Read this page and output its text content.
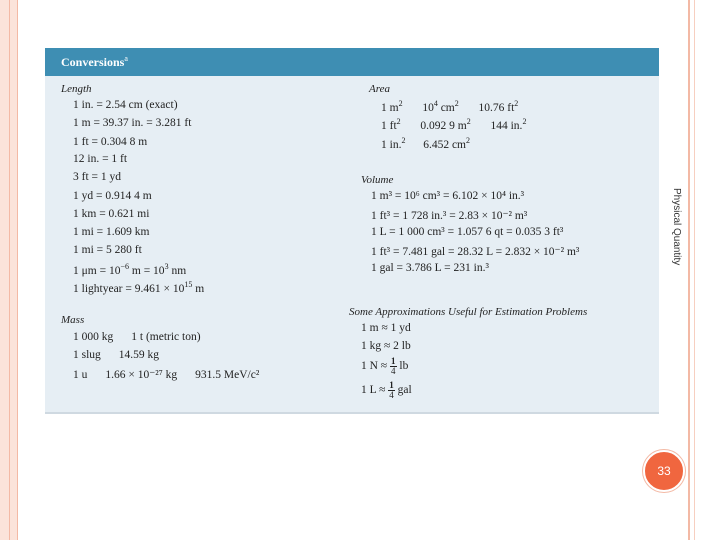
Conversions$^a$
Length
1 in. = 2.54 cm (exact)
1 m = 39.37 in. = 3.281 ft
1 ft = 0.304 8 m
12 in. = 1 ft
3 ft = 1 yd
1 yd = 0.914 4 m
1 km = 0.621 mi
1 mi = 1.609 km
1 mi = 5 280 ft
1 $\mu m = 10^{-6}$ $m = 10^3$ nm
1 lightyear = $9.461 \times 10^{15}$ m
Area
1 $m^2$ $10^4$ $cm^2$ 10.76 $ft^2$
1 $ft^2$ 0.092 9 $m^2$ 144 in.$^2$
1 in.$^2$ 6.452 $cm^2$
Volume
1 m³ = 10⁶ cm³ = 6.102 × 10⁴ in.³
1 ft³ = 1 728 in.³ = 2.83 × 10⁻² m³
1 L = 1 000 cm³ = 1.057 6 qt = 0.035 3 ft³
1 ft³ = 7.481 gal = 28.32 L = 2.832 × 10⁻² m³
1 gal = 3.786 L = 231 in.³
Mass
1 000 kg 1 t (metric ton)
1 slug 14.59 kg
1 u 1.66 × 10⁻²⁷ kg 931.5 MeV/c²
Some Approximations Useful for Estimation Problems
1 m ≈ 1 yd
1 kg ≈ 2 lb
1 $N \approx \frac{1}{4}$ lb
1 $L \approx \frac{1}{4}$ gal
Physical Quantity
33
